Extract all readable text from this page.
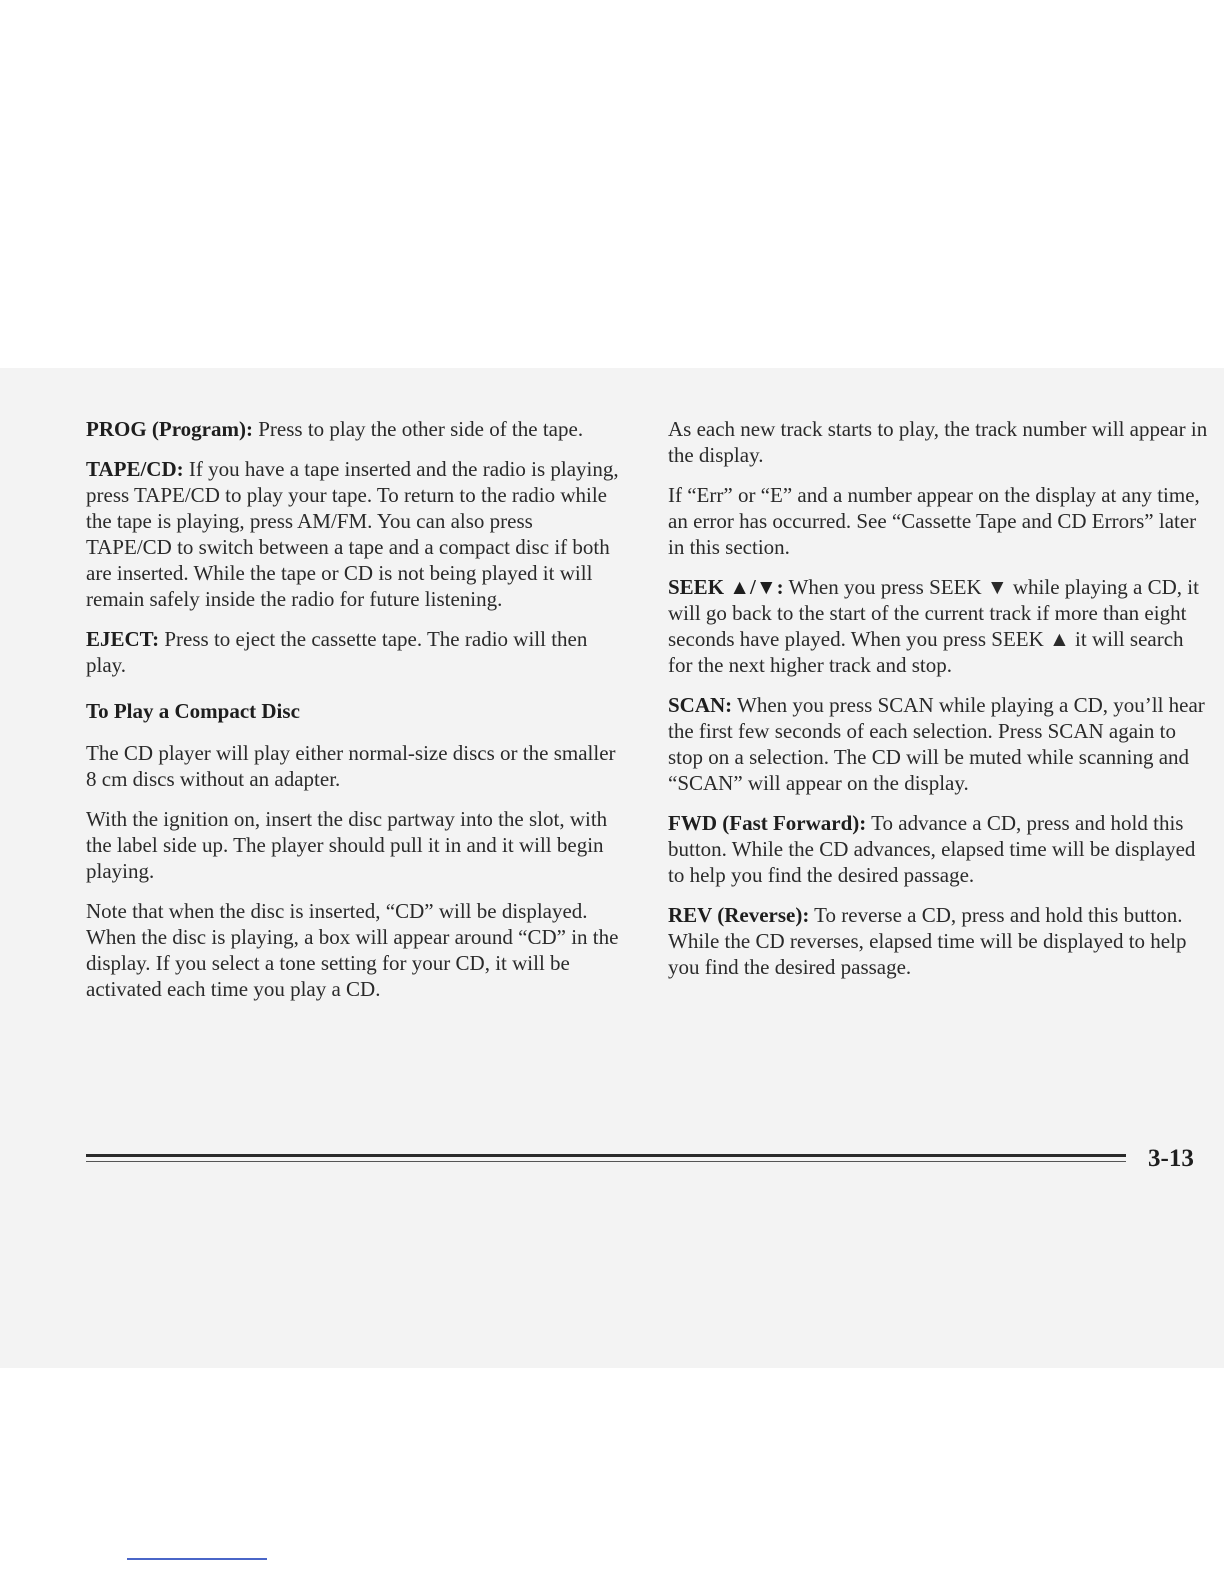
PROG (Program): Press to play the other side of the tape.

TAPE/CD: If you have a tape inserted and the radio is playing, press TAPE/CD to play your tape. To return to the radio while the tape is playing, press AM/FM. You can also press TAPE/CD to switch between a tape and a compact disc if both are inserted. While the tape or CD is not being played it will remain safely inside the radio for future listening.

EJECT: Press to eject the cassette tape. The radio will then play.

To Play a Compact Disc

The CD player will play either normal-size discs or the smaller 8 cm discs without an adapter.

With the ignition on, insert the disc partway into the slot, with the label side up. The player should pull it in and it will begin playing.

Note that when the disc is inserted, “CD” will be displayed. When the disc is playing, a box will appear around “CD” in the display. If you select a tone setting for your CD, it will be activated each time you play a CD.

As each new track starts to play, the track number will appear in the display.

If “Err” or “E” and a number appear on the display at any time, an error has occurred. See “Cassette Tape and CD Errors” later in this section.

SEEK ▲/▼: When you press SEEK ▼ while playing a CD, it will go back to the start of the current track if more than eight seconds have played. When you press SEEK ▲ it will search for the next higher track and stop.

SCAN: When you press SCAN while playing a CD, you’ll hear the first few seconds of each selection. Press SCAN again to stop on a selection. The CD will be muted while scanning and “SCAN” will appear on the display.

FWD (Fast Forward): To advance a CD, press and hold this button. While the CD advances, elapsed time will be displayed to help you find the desired passage.

REV (Reverse): To reverse a CD, press and hold this button. While the CD reverses, elapsed time will be displayed to help you find the desired passage.

3-13
